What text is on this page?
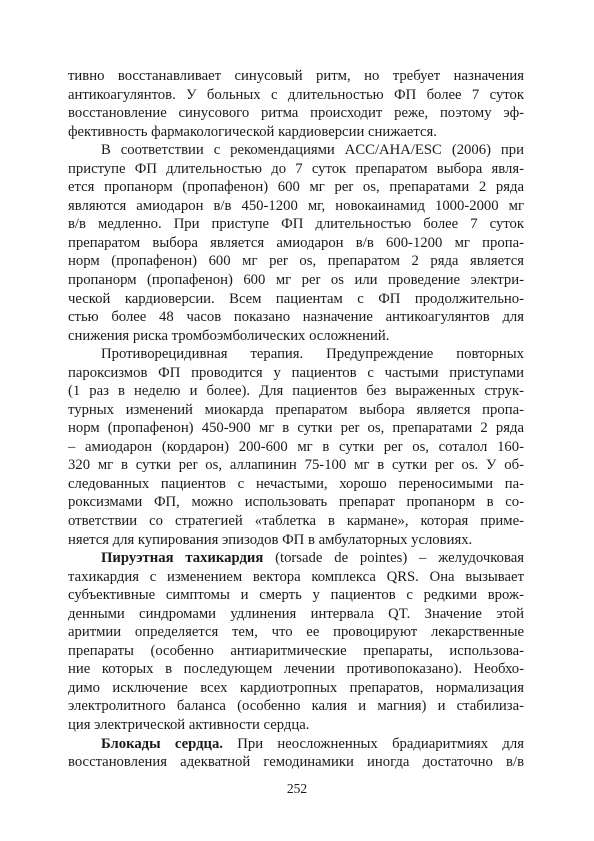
тивно восстанавливает синусовый ритм, но требует назначения
антикоагулянтов. У больных с длительностью ФП более 7 суток
восстановление синусового ритма происходит реже, поэтому эф-
фективность фармакологической кардиоверсии снижается.
В соответствии с рекомендациями ACC/AHA/ESC (2006) при
приступе ФП длительностью до 7 суток препаратом выбора явля-
ется пропанорм (пропафенон) 600 мг per os, препаратами 2 ряда
являются амиодарон в/в 450-1200 мг, новокаинамид 1000-2000 мг
в/в медленно. При приступе ФП длительностью более 7 суток
препаратом выбора является амиодарон в/в 600-1200 мг пропа-
норм (пропафенон) 600 мг per os, препаратом 2 ряда является
пропанорм (пропафенон) 600 мг per os или проведение электри-
ческой кардиоверсии. Всем пациентам с ФП продолжительно-
стью более 48 часов показано назначение антикоагулянтов для
снижения риска тромбоэмболических осложнений.
Противорецидивная терапия. Предупреждение повторных
пароксизмов ФП проводится у пациентов с частыми приступами
(1 раз в неделю и более). Для пациентов без выраженных струк-
турных изменений миокарда препаратом выбора является пропа-
норм (пропафенон) 450-900 мг в сутки per os, препаратами 2 ряда
– амиодарон (кордарон) 200-600 мг в сутки per os, соталол 160-
320 мг в сутки per os, аллапинин 75-100 мг в сутки per os. У об-
следованных пациентов с нечастыми, хорошо переносимыми па-
роксизмами ФП, можно использовать препарат пропанорм в со-
ответствии со стратегией «таблетка в кармане», которая приме-
няется для купирования эпизодов ФП в амбулаторных условиях.
Пируэтная тахикардия (torsade de pointes) – желудочковая
тахикардия с изменением вектора комплекса QRS. Она вызывает
субъективные симптомы и смерть у пациентов с редкими врож-
денными синдромами удлинения интервала QT. Значение этой
аритмии определяется тем, что ее провоцируют лекарственные
препараты (особенно антиаритмические препараты, использова-
ние которых в последующем лечении противопоказано). Необхо-
димо исключение всех кардиотропных препаратов, нормализация
электролитного баланса (особенно калия и магния) и стабилиза-
ция электрической активности сердца.
Блокады сердца. При неосложненных брадиаритмиях для
восстановления адекватной гемодинамики иногда достаточно в/в
252
